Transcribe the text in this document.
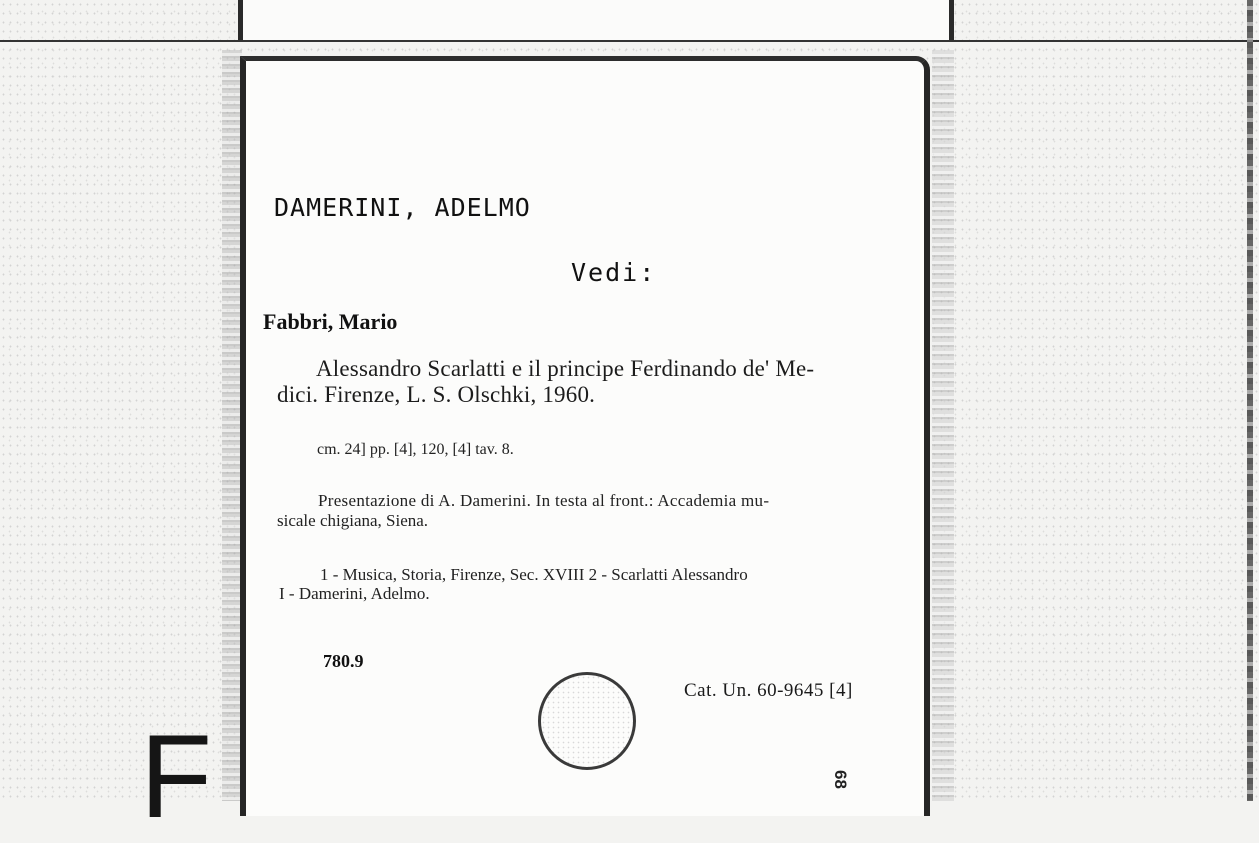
DAMERINI, ADELMO
Vedi:
Fabbri, Mario
Alessandro Scarlatti e il principe Ferdinando de' Me-
dici. Firenze, L. S. Olschki, 1960.
cm. 24] pp. [4], 120, [4] tav. 8.
Presentazione di A. Damerini. In testa al front.: Accademia mu-
sicale chigiana, Siena.
1 - Musica, Storia, Firenze, Sec. XVIII 2 - Scarlatti Alessandro
I - Damerini, Adelmo.
780.9
Cat. Un. 60-9645 [4]
68
F
